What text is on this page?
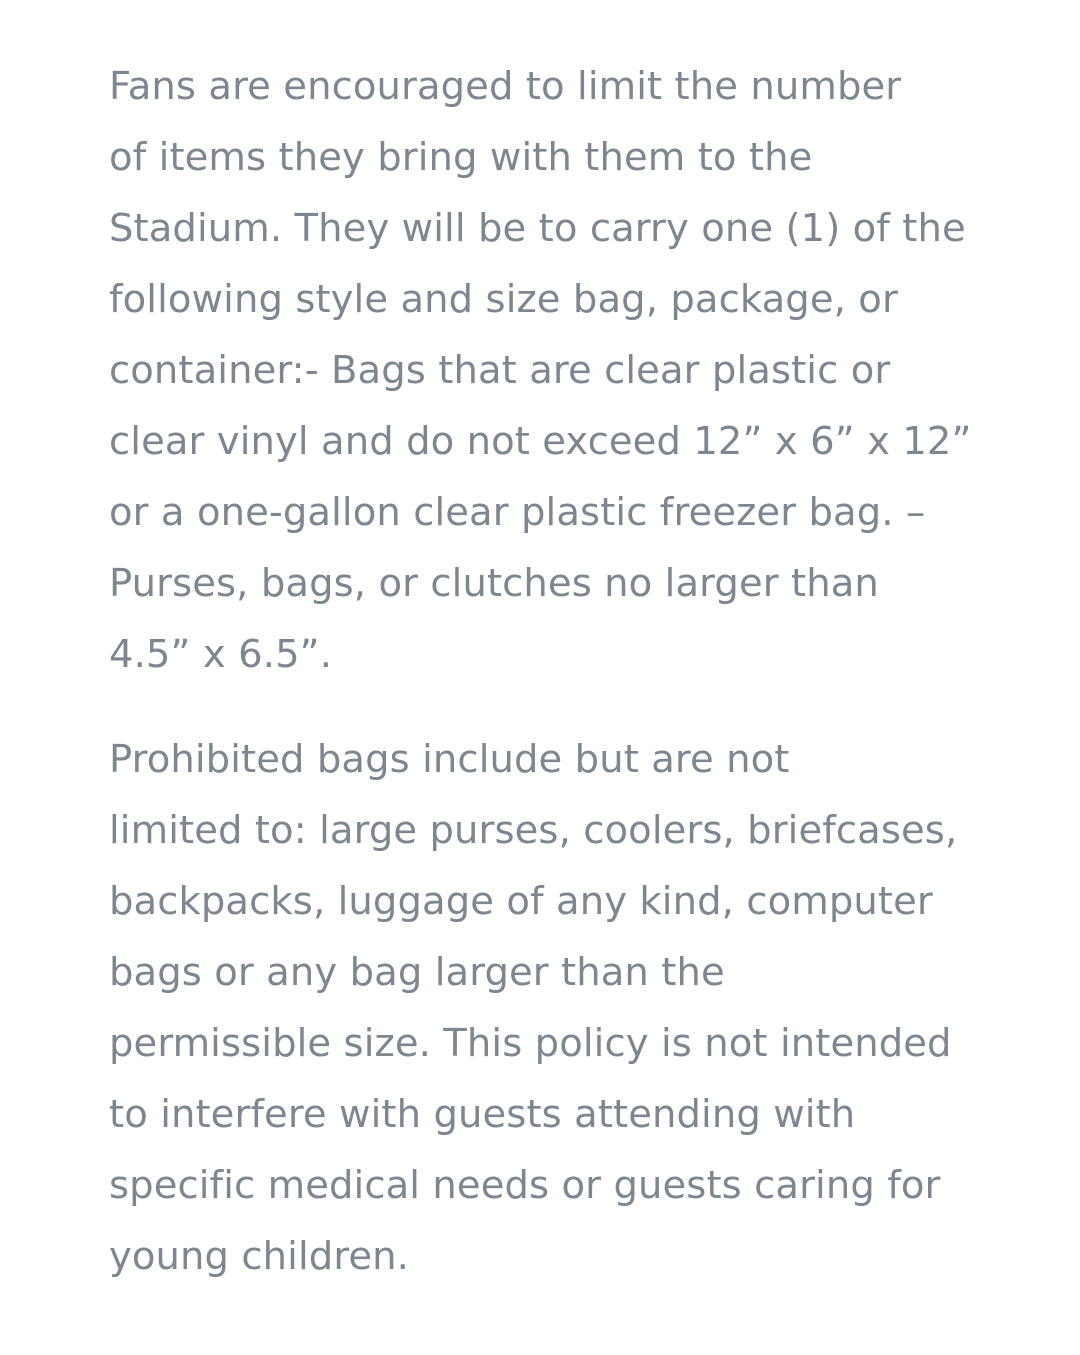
Fans are encouraged to limit the number
of items they bring with them to the
Stadium. They will be to carry one (1) of the
following style and size bag, package, or
container:- Bags that are clear plastic or
clear vinyl and do not exceed 12” x 6” x 12”
or a one-gallon clear plastic freezer bag. –
Purses, bags, or clutches no larger than
4.5” x 6.5”.

Prohibited bags include but are not
limited to: large purses, coolers, briefcases,
backpacks, luggage of any kind, computer
bags or any bag larger than the
permissible size. This policy is not intended
to interfere with guests attending with
specific medical needs or guests caring for
young children.
